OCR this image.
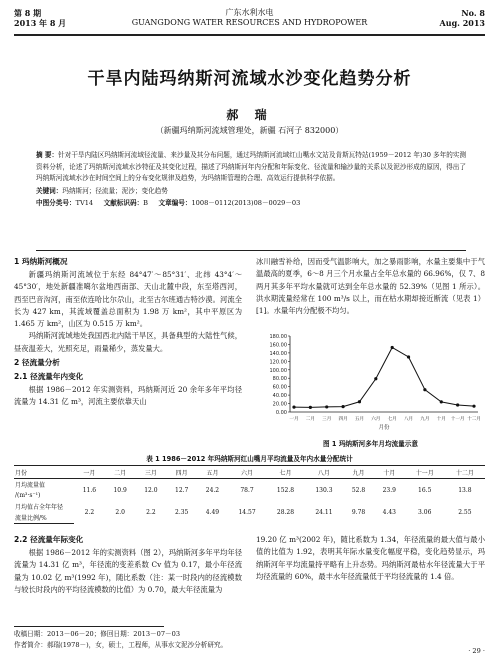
第 8 期
2013 年 8 月
广东水利水电
GUANGDONG WATER RESOURCES AND HYDROPOWER
No. 8
Aug. 2013
干旱内陆玛纳斯河流域水沙变化趋势分析
郝 瑞
（新疆玛纳斯河流域管理处，新疆 石河子 832000）
摘 要：针对干旱内陆区玛纳斯河流域径流量、来沙量及其分布问题，通过玛纳斯河流域红山嘴水文站及肯斯瓦特站(1959－2012 年)30 多年的实测资料分析，论述了玛纳斯河流域水沙特征及其变化过程，描述了玛纳斯河年内分配和年际变化、径流量和输沙量的关系以及泥沙形成的原因，得出了玛纳斯河流域水沙在时间空间上的分布变化规律及趋势，为玛纳斯管理的合理、高效运行提供科学依据。
关键词：玛纳斯河；径流量；泥沙；变化趋势
中图分类号：TV14 文献标识码：B 文章编号：1008－0112(2013)08－0029－03
1 玛纳斯河概况

新疆玛纳斯河流域位于东经 84°47′～85°31′、北纬 43°4′～45°30′，地处新疆准噶尔盆地西南部、天山北麓中段，东至塔西河，西至巴音沟河，南至依连哈比尔尕山，北至古尔班通古特沙漠。河流全长为 427 km，其流域覆盖总面积为 1.98 万 km²，其中平原区为 1.465 万 km²，山区为 0.515 万 km²。

玛纳斯河流域地处我国西北内陆干旱区，具备典型的大陆性气候，昼夜温差大，光照充足，雨量稀少，蒸发量大。

2 径流量分析
2.1 径流量年内变化

根据 1986－2012 年实测资料，玛纳斯河近 20 余年多年平均径流量为 14.31 亿 m³，河流主要依靠天山

冰川融雪补给，因而受气温影响大，加之暴雨影响，水量主要集中于气温最高的夏季，6～8 月三个月水量占全年总水量的 66.96%，仅 7、8 两月其多年平均水量就可达到全年总水量的 52.39%（见图 1 所示）。洪水期流量经常在 100 m³/s 以上，而在枯水期却接近断流（见表 1）[1]。水量年内分配极不均匀。
180.00
160.00
140.00
120.00
100.00
80.00
60.00
40.00
20.00
0.00
一月 二月 三月 四月 五月 六月 七月 八月 九月 十月 十一月 十二月
月份
图 1 玛纳斯河多年月均流量示意
表 1 1986－2012 年玛纳斯河红山嘴月平均流量及年内水量分配统计
月份	一月	二月	三月	四月	五月	六月	七月	八月	九月	十月	十一月	十二月
月均流量值	11.6	10.9	12.0	12.7	24.2	78.7	152.8	130.3	52.8	23.9	16.5	13.8
/(m³·s⁻¹)												
月均值占全年年径	2.2	2.0	2.2	2.35	4.49	14.57	28.28	24.11	9.78	4.43	3.06	2.55
流量比例/%												
2.2 径流量年际变化

根据 1986－2012 年的实测资料（图 2），玛纳斯河多年平均年径流量为 14.31 亿 m³，年径流的变差系数 Cv 值为 0.17，最小年径流量为 10.02 亿 m³(1992 年)，随比系数（注：某一时段内的径流模数与较长时段内的平均径流模数的比值）为 0.70，最大年径流量为

19.20 亿 m³(2002 年)，随比系数为 1.34，年径流量的最大值与最小值的比值为 1.92，表明其年际水量变化幅度平稳，变化趋势显示，玛纳斯河年平均流量持平略有上升态势。玛纳斯河最枯水年径流量大于平均径流量的 60%，最丰水年径流量低于平均径流量的 1.4 倍。
收稿日期：2013－06－20；修回日期：2013－07－03
作者简介：郝瑞(1978－)，女，硕士，工程师，从事水文泥沙分析研究。
· 29 ·
